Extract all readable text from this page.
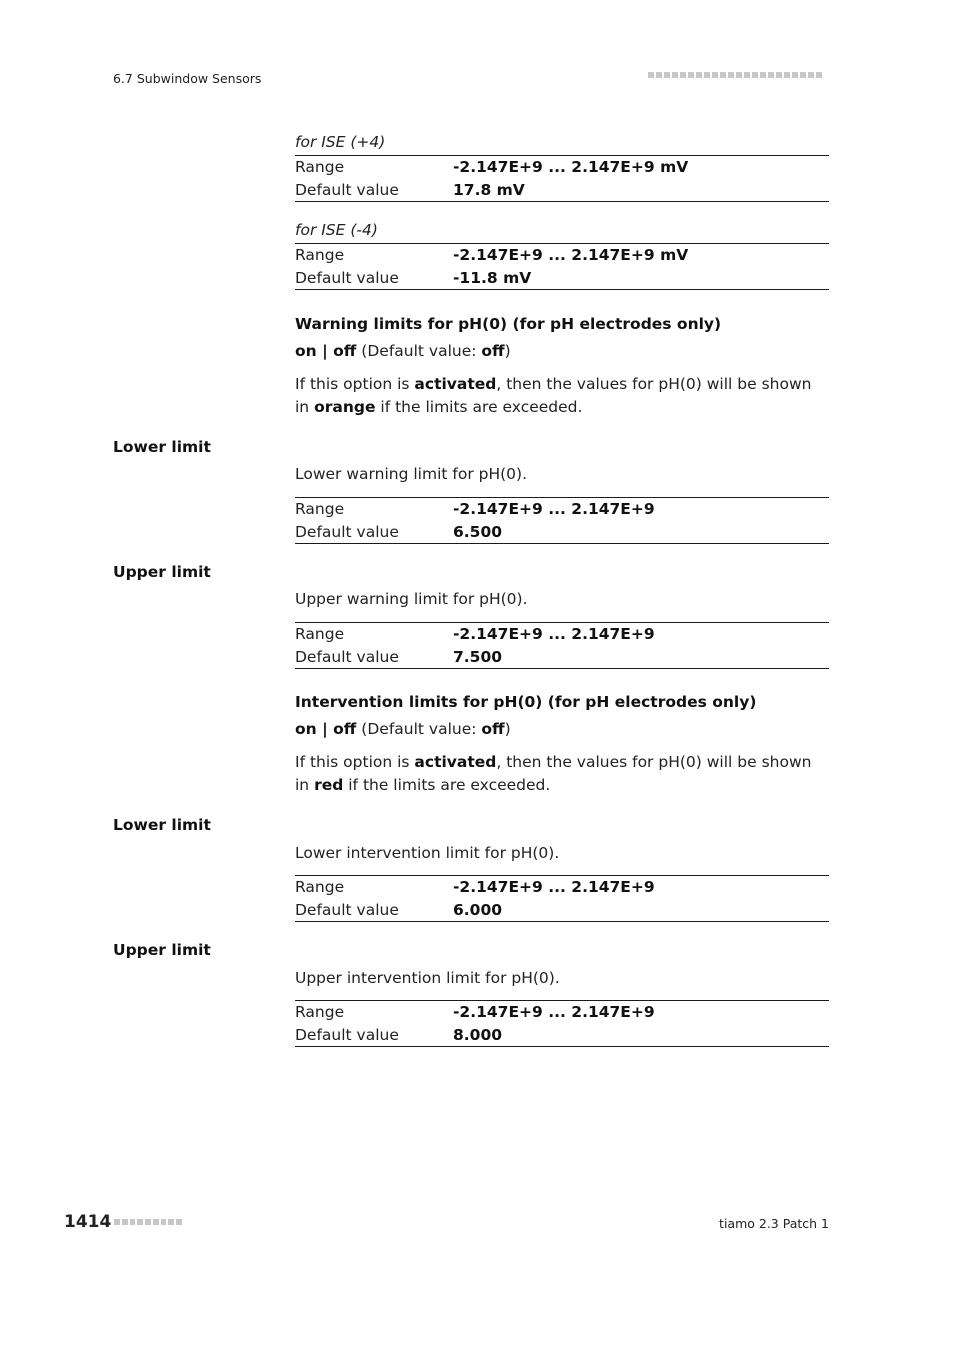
6.7 Subwindow Sensors
for ISE (+4)
Range	-2.147E+9 ... 2.147E+9 mV
Default value	17.8 mV
for ISE (-4)
Range	-2.147E+9 ... 2.147E+9 mV
Default value	-11.8 mV
Warning limits for pH(0) (for pH electrodes only)
on | off (Default value: off)
If this option is activated, then the values for pH(0) will be shown in orange if the limits are exceeded.
Lower limit
Lower warning limit for pH(0).
Range	-2.147E+9 ... 2.147E+9
Default value	6.500
Upper limit
Upper warning limit for pH(0).
Range	-2.147E+9 ... 2.147E+9
Default value	7.500
Intervention limits for pH(0) (for pH electrodes only)
on | off (Default value: off)
If this option is activated, then the values for pH(0) will be shown in red if the limits are exceeded.
Lower limit
Lower intervention limit for pH(0).
Range	-2.147E+9 ... 2.147E+9
Default value	6.000
Upper limit
Upper intervention limit for pH(0).
Range	-2.147E+9 ... 2.147E+9
Default value	8.000
1414	tiamo 2.3 Patch 1
